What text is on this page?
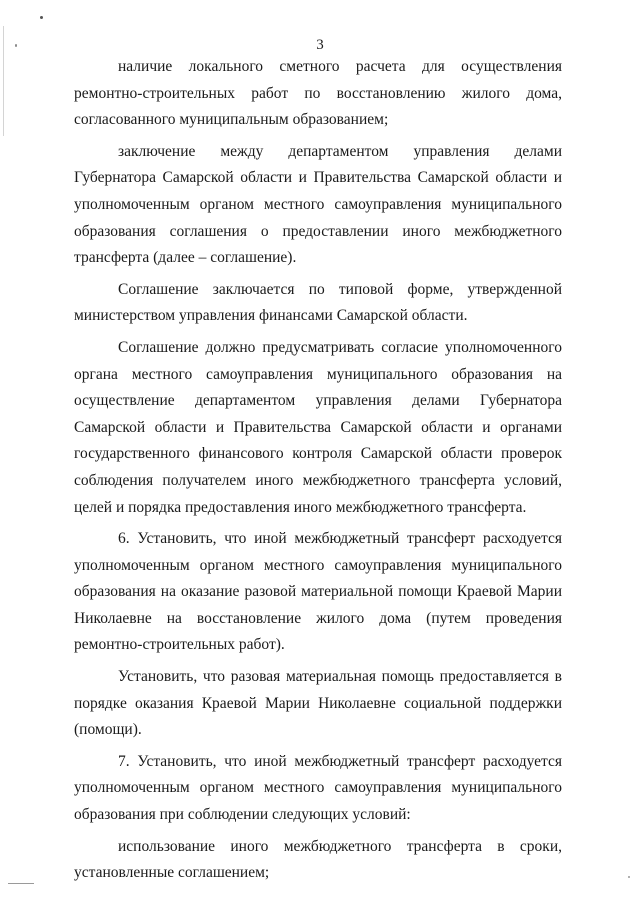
3

наличие локального сметного расчета для осуществления ремонтно-строительных работ по восстановлению жилого дома, согласованного муниципальным образованием;

заключение между департаментом управления делами Губернатора Самарской области и Правительства Самарской области и уполномоченным органом местного самоуправления муниципального образования соглашения о предоставлении иного межбюджетного трансферта (далее – соглашение).

Соглашение заключается по типовой форме, утвержденной министерством управления финансами Самарской области.

Соглашение должно предусматривать согласие уполномоченного органа местного самоуправления муниципального образования на осуществление департаментом управления делами Губернатора Самарской области и Правительства Самарской области и органами государственного финансового контроля Самарской области проверок соблюдения получателем иного межбюджетного трансферта условий, целей и порядка предоставления иного межбюджетного трансферта.

6. Установить, что иной межбюджетный трансферт расходуется уполномоченным органом местного самоуправления муниципального образования на оказание разовой материальной помощи Краевой Марии Николаевне на восстановление жилого дома (путем проведения ремонтно-строительных работ).

Установить, что разовая материальная помощь предоставляется в порядке оказания Краевой Марии Николаевне социальной поддержки (помощи).

7. Установить, что иной межбюджетный трансферт расходуется уполномоченным органом местного самоуправления муниципального образования при соблюдении следующих условий:

использование иного межбюджетного трансферта в сроки, установленные соглашением;
